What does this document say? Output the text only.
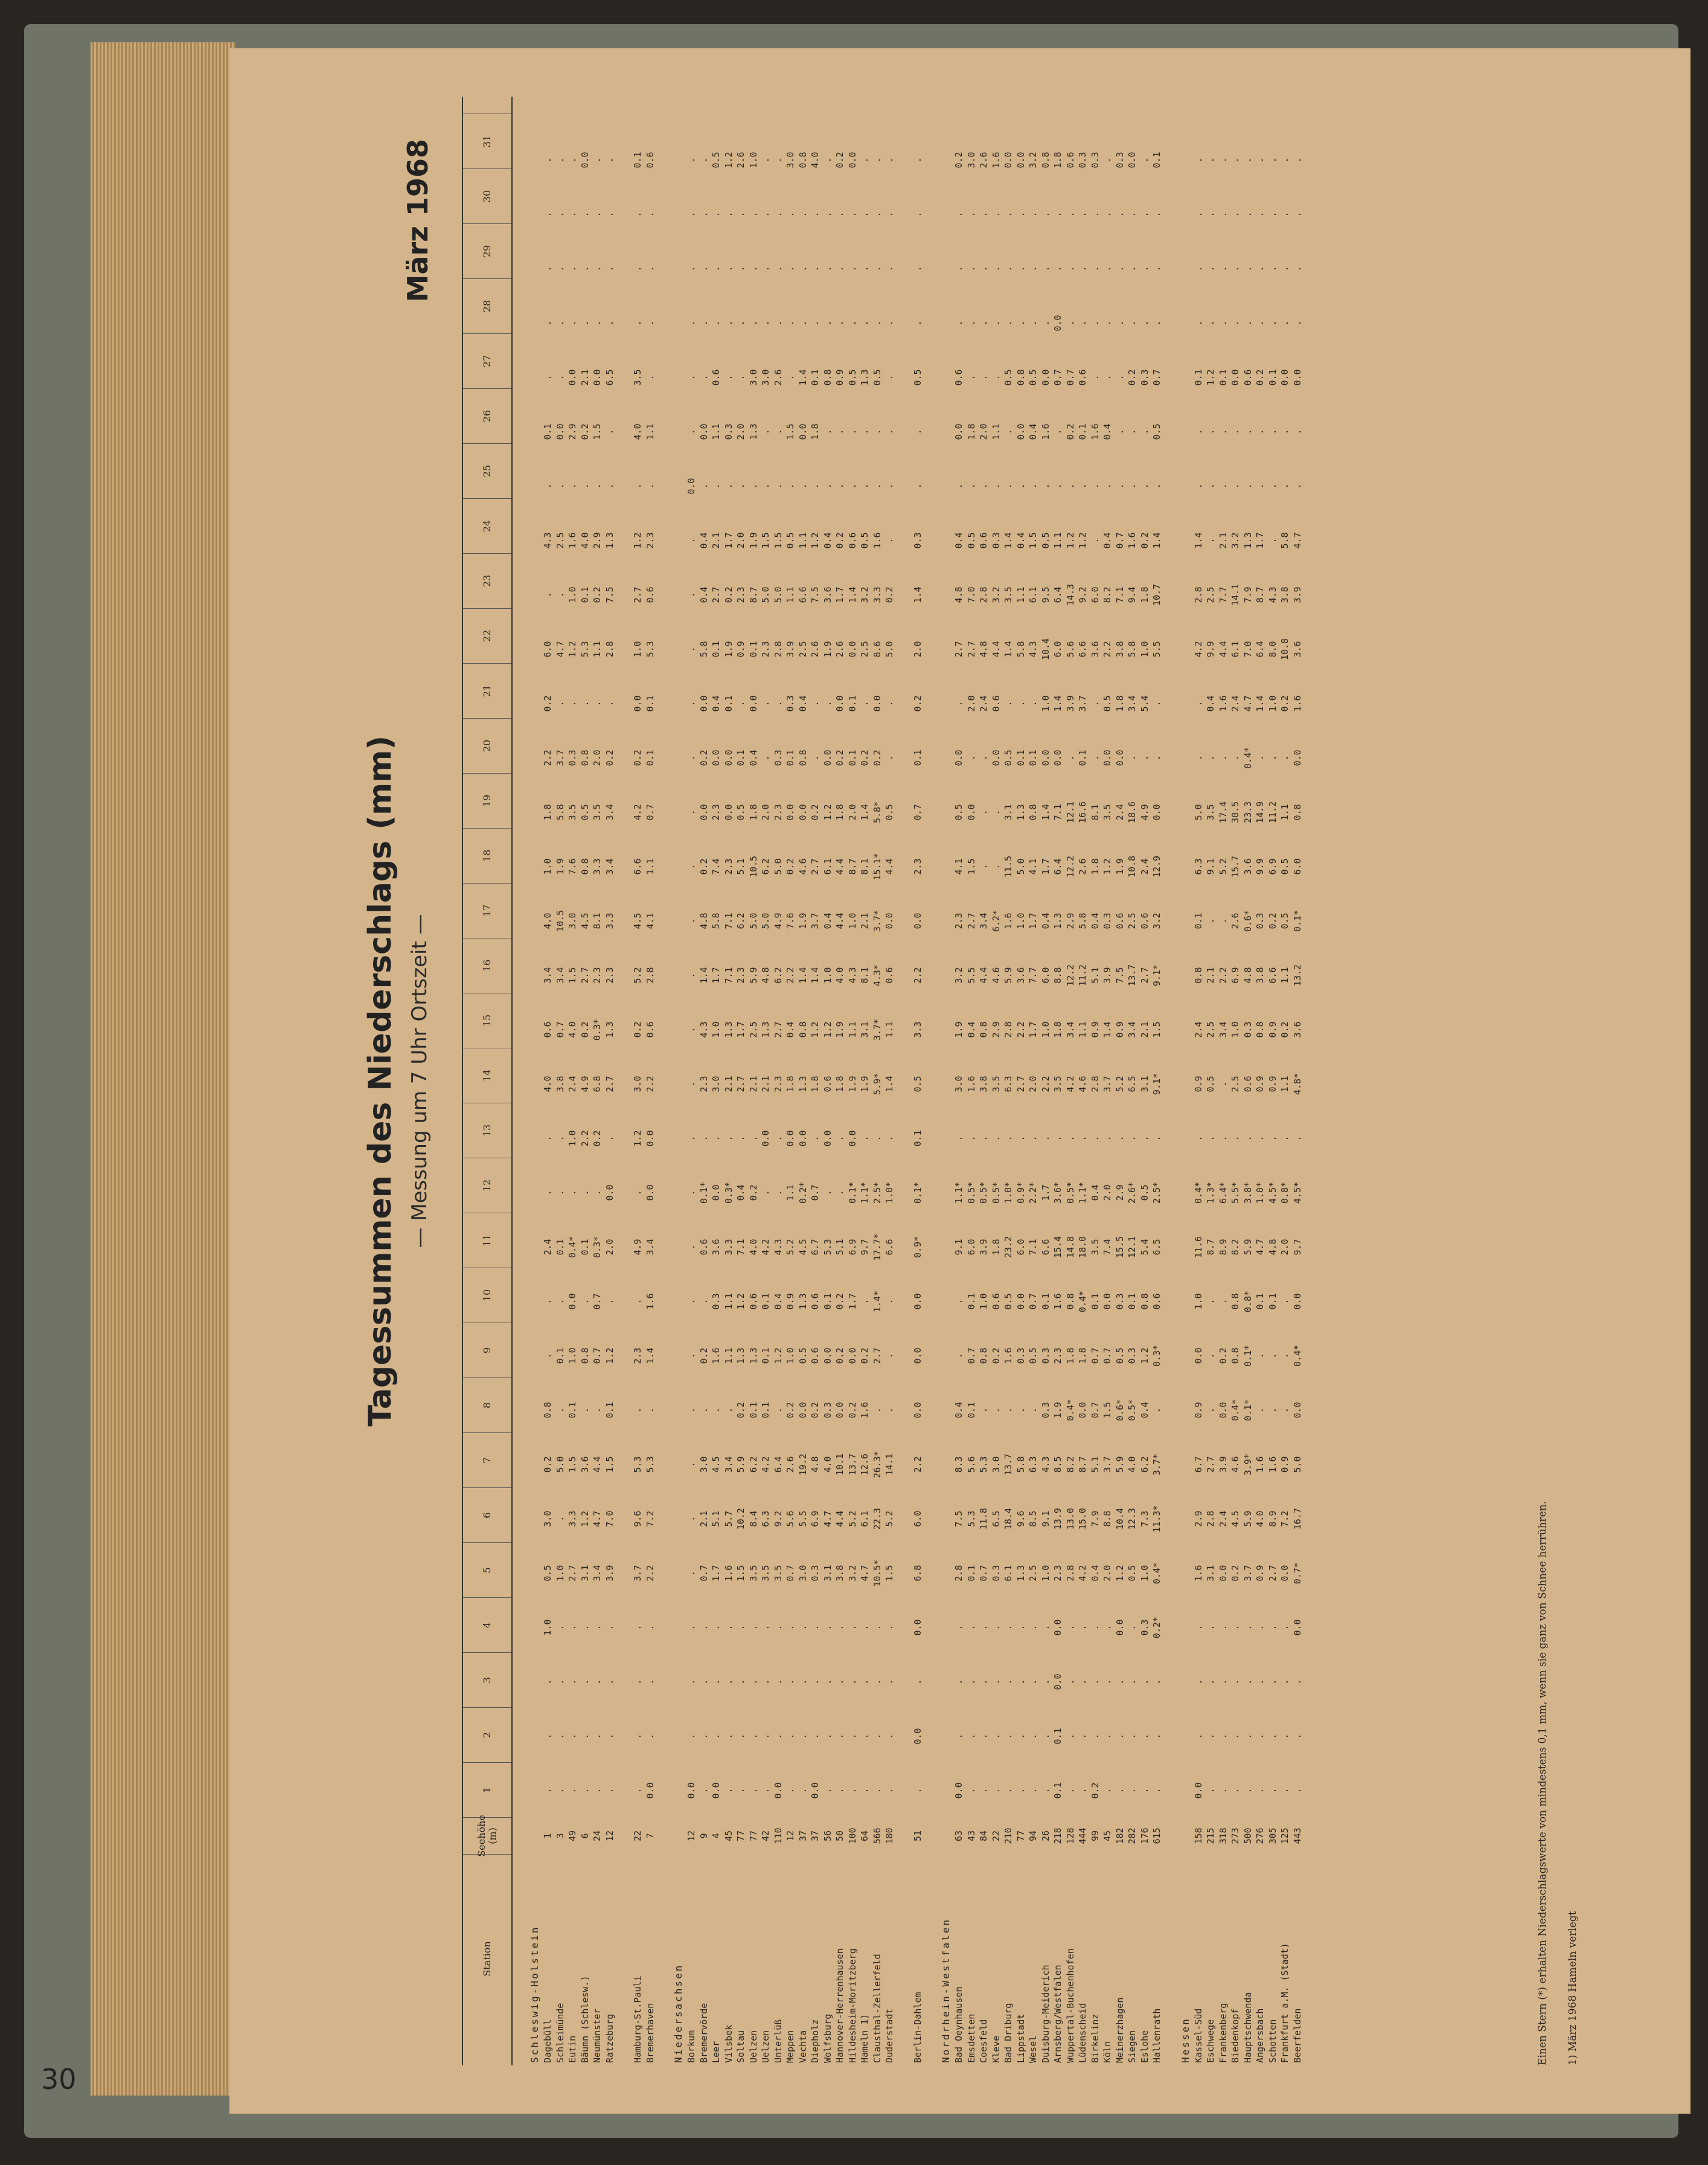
Tagessummen des Niederschlags (mm) — Messung um 7 Uhr Ortszeit —
März 1968
Station
Seehöhe (m)
1
2
3
4
5
6
7
8
9
10
11
12
13
14
15
16
17
18
19
20
21
22
23
24
25
26
27
28
29
30
31
Schleswig-Holstein Dagebüll
1
.
.
.
1.0
0.5
3.0
0.2
0.8
.
.
2.4
.
.
4.0
0.6
3.4
4.0
1.0
1.8
2.2
0.2
6.0
.
4.3
.
0.1
.
.
.
.
.
Schleimünde
3
.
.
.
.
1.0
.
5.0
.
0.1
.
0.1
.
.
3.8
0.7
3.4
10.5
1.9
5.8
3.7
.
4.7
.
2.5
.
0.0
.
.
.
.
.
Eutin
49
.
.
.
.
2.7
3.3
1.5
0.1
1.0
0.0
0.4*
.
1.0
2.4
4.0
1.5
3.0
7.6
3.5
0.3
.
1.2
1.0
1.6
.
2.9
0.0
.
.
.
.
Bäumn (Schlesw.)
6
.
.
.
.
3.1
1.2
3.6
.
0.8
.
0.1
.
2.2
4.9
0.2
2.7
4.5
0.8
0.5
0.8
.
5.3
0.1
4.0
.
0.2
2.1
.
.
.
0.0
Neumünster
24
.
.
.
.
3.4
4.7
4.4
.
0.7
0.7
0.3*
.
0.2
6.8
0.3*
2.3
8.1
3.3
3.5
2.0
.
1.1
0.2
2.9
.
1.5
0.0
.
.
.
.
Ratzeburg
12
.
.
.
.
3.9
7.0
1.5
0.1
1.2
.
2.0
0.0
.
2.7
1.3
2.3
3.3
3.4
3.4
0.2
.
2.8
7.5
1.3
.
.
6.5
.
.
.
.
Hamburg-St.Pauli
22
.
.
.
.
3.7
9.6
5.3
.
2.3
.
4.9
.
1.2
3.0
0.2
5.2
4.5
6.6
4.2
0.2
0.0
1.0
2.7
1.2
.
4.0
3.5
.
.
.
0.1
Bremerhaven
7
0.0
.
.
.
2.2
7.2
5.3
.
1.4
1.6
3.4
0.0
0.0
2.2
0.6
2.8
4.1
1.1
0.7
0.1
0.1
5.3
0.6
2.3
.
1.1
.
.
.
.
0.6
Niedersachsen Borkum
12
0.0
.
.
.
.
.
.
.
.
.
.
.
.
.
.
.
.
.
.
.
.
.
.
.
0.0
.
.
.
.
.
.
Bremervörde
9
.
.
.
.
0.7
2.1
3.0
.
0.2
.
0.6
0.1*
.
2.3
4.3
1.4
4.8
0.2
0.0
0.2
0.0
5.8
0.4
0.4
.
0.0
.
.
.
.
.
Leer
4
0.0
.
.
.
1.7
5.1
4.5
.
1.6
0.3
3.6
0.0
.
3.0
1.0
1.7
5.8
7.4
2.3
0.0
0.4
0.1
2.7
2.1
.
1.1
0.6
.
.
.
0.5
Vilsbek
45
.
.
.
.
1.6
5.7
3.4
.
1.1
1.1
3.3
0.3*
.
2.1
1.3
7.1
7.1
2.3
0.0
0.0
0.1
1.9
0.2
1.7
.
0.3
.
.
.
.
1.2
Soltau
77
.
.
.
.
1.5
10.2
5.9
0.2
1.3
1.2
7.1
0.4
.
2.7
1.7
2.3
6.2
5.1
0.5
0.1
.
0.9
2.3
2.0
.
2.0
.
.
.
.
2.6
Uelzen
77
.
.
.
.
3.5
8.4
6.2
0.1
1.3
0.6
4.0
0.2
.
2.1
2.5
5.9
5.0
10.5
1.8
0.4
0.0
0.1
8.7
1.9
.
1.3
3.0
.
.
.
1.0
Uelzen
42
.
.
.
.
3.5
6.3
4.2
0.1
0.1
0.1
4.2
.
0.0
2.1
1.3
4.8
5.0
6.2
2.0
.
.
2.3
5.0
1.5
.
.
3.0
.
.
.
.
Unterlüß
110
0.0
.
.
.
3.5
9.2
6.4
.
1.2
0.4
4.3
.
.
2.3
2.7
6.2
4.9
5.0
2.3
0.3
.
2.8
5.0
1.5
.
.
2.6
.
.
.
.
Meppen
12
.
.
.
.
0.7
5.6
2.6
0.2
1.0
0.9
5.2
1.1
0.0
1.8
0.4
2.2
7.6
0.2
0.0
0.1
0.3
3.9
1.1
0.5
.
1.5
.
.
.
.
3.0
Vechta
37
.
.
.
.
3.0
5.5
19.2
0.0
0.5
1.3
4.5
0.2*
0.0
1.3
0.8
1.4
1.9
4.6
0.0
0.8
0.4
2.5
6.6
1.1
.
0.0
1.4
.
.
.
0.8
Diepholz
37
0.0
.
.
.
0.3
6.9
4.8
0.2
0.6
0.6
6.7
0.7
.
1.8
1.2
1.4
3.7
2.7
0.2
.
.
2.6
7.5
1.2
.
1.8
0.1
.
.
.
4.0
Wolfsburg
56
.
.
.
.
3.1
4.7
4.0
0.3
0.0
0.1
5.3
.
0.0
0.6
1.2
1.0
0.4
6.1
1.2
0.0
.
1.9
3.6
0.4
.
.
0.8
.
.
.
.
Hannover-Herrenhausen
50
.
.
.
.
3.8
4.4
10.1
0.0
0.2
0.2
5.1
.
.
1.8
1.9
4.0
4.4
4.4
1.8
0.2
0.0
2.6
1.7
0.2
.
.
0.9
.
.
.
0.2
Hildesheim-Moritzberg
100
.
.
.
.
3.2
5.2
13.7
0.2
0.0
1.7
6.9
0.1*
0.0
1.9
1.1
4.3
1.0
8.7
2.0
0.1
0.1
0.0
1.4
0.6
.
.
0.5
.
.
.
0.0
Hameln 1)
64
.
.
.
.
4.7
6.1
12.6
1.6
0.2
.
9.7
1.1*
.
1.9
3.1
8.1
2.1
8.1
1.4
0.2
.
2.5
3.2
0.5
.
.
1.3
.
.
.
.
Clausthal-Zellerfeld
566
.
.
.
.
10.5*
22.3
26.3*
.
2.7
1.4*
17.7*
2.5*
.
5.9*
3.7*
4.3*
3.7*
15.1*
5.8*
0.2
0.0
8.6
3.3
1.6
.
.
0.5
.
.
.
.
Duderstadt
180
.
.
.
.
1.5
5.2
14.1
.
.
.
6.6
1.0*
.
1.4
1.1
0.6
0.0
4.4
0.5
.
.
5.0
0.2
.
.
.
.
.
.
.
.
Berlin-Dahlem
51
.
0.0
.
0.0
6.8
6.0
2.2
0.0
0.0
0.0
0.9*
0.1*
0.1
0.5
3.3
2.2
0.0
2.3
0.7
0.1
0.2
2.0
1.4
0.3
.
.
0.5
.
.
.
.
Nordrhein-Westfalen Bad Oeynhausen
63
0.0
.
.
.
2.8
7.5
8.3
0.4
.
.
9.1
1.1*
.
3.0
1.9
3.2
2.3
4.1
0.5
0.0
.
2.7
4.8
0.4
.
0.0
0.6
.
.
.
0.2
Emsdetten
43
.
.
.
.
0.1
5.3
5.6
0.1
0.7
0.1
6.0
0.5*
.
1.6
0.4
5.5
2.7
1.5
0.0
.
2.0
2.7
7.0
0.5
.
1.8
.
.
.
.
3.0
Coesfeld
84
.
.
.
.
0.7
11.8
5.3
.
0.8
1.0
3.9
0.5*
.
3.8
0.8
4.4
3.4
.
.
.
2.4
4.8
2.8
0.6
.
2.0
.
.
.
.
2.6
Kleve
22
.
.
.
.
0.3
6.5
3.0
.
0.2
0.6
1.8
0.5*
.
3.5
2.9
4.6
6.2*
.
.
0.0
0.6
4.4
3.2
0.3
.
1.1
.
.
.
.
1.6
Bad Driburg
210
.
.
.
.
6.1
18.4
13.7
.
1.6
0.5
23.2
1.0*
.
6.3
2.8
5.9
1.6
11.5
3.1
0.5
.
1.4
3.5
1.4
.
.
0.5
.
.
.
0.0
Lippstadt
77
.
.
.
.
1.3
9.6
5.8
.
0.3
0.0
6.0
0.9*
.
2.7
2.2
3.6
1.0
5.0
1.3
0.1
.
5.8
1.1
0.4
.
0.0
0.8
.
.
.
0.0
Wesel
94
.
.
.
.
2.5
8.5
6.3
.
0.5
0.7
7.1
2.2*
.
2.0
1.7
7.7
1.7
4.1
0.8
0.1
.
4.3
6.1
1.5
.
0.4
0.5
.
.
.
3.2
Duisburg-Meiderich
26
.
.
.
.
1.0
9.1
4.3
0.3
0.3
0.1
6.6
1.7
.
2.2
1.0
6.0
0.4
1.7
1.4
0.0
1.0
10.4
9.5
0.5
.
1.6
0.0
.
.
.
0.8
Arnsberg/Westfalen
218
0.1
0.1
0.0
0.0
2.3
13.9
8.5
1.9
2.3
1.6
15.4
3.6*
.
3.5
1.8
8.8
1.3
6.4
7.1
0.0
1.4
6.0
6.4
1.1
.
.
0.7
0.0
.
.
1.8
Wuppertal-Buchenhofen
128
.
.
.
.
2.8
13.0
8.2
0.4*
1.8
0.8
14.8
0.5*
.
4.2
3.4
12.2
2.9
12.2
12.1
.
3.9
5.6
14.3
1.2
.
0.2
0.7
.
.
.
0.6
Lüdenscheid
444
.
.
.
.
4.2
15.0
8.7
0.0
1.8
0.4*
18.0
1.1*
.
4.6
1.1
11.2
5.8
2.6
16.6
0.1
3.7
6.6
9.2
1.2
.
0.1
0.6
.
.
.
0.3
Birkelinz
99
0.2
.
.
.
0.4
7.9
5.1
0.7
0.7
0.1
3.5
0.4
.
2.8
0.9
5.1
0.4
1.8
8.1
.
.
3.6
6.0
.
.
1.6
.
.
.
.
0.3
Köln
45
.
.
.
.
2.0
8.8
3.7
1.5
0.7
0.0
7.4
2.0
.
3.7
1.4
3.9
0.3
1.2
3.5
0.0
0.5
2.2
8.2
0.4
.
0.4
.
.
.
.
.
Meinerzhagen
182
.
.
.
0.0
1.2
10.4
5.9
0.6*
0.5
0.3
15.5
2.9
.
5.2
0.9
7.5
0.6
1.9
2.4
0.0
1.8
3.8
7.1
0.7
.
.
.
.
.
.
0.3
Siegen
282
.
.
.
.
0.5
12.3
4.0
0.5*
0.3
0.1
12.1
2.6*
.
6.5
3.4
13.7
2.5
10.8
18.6
.
3.4
5.8
9.4
1.6
.
.
0.2
.
.
.
0.0
Eslohe
176
.
.
.
0.3
1.0
7.3
6.2
0.4
1.2
0.8
5.4
0.5
.
3.1
2.1
2.7
0.6
2.4
4.9
.
5.4
1.0
1.8
0.2
.
.
0.3
.
.
.
.
Hallenrath
615
.
.
.
0.2*
0.4*
11.3*
3.7*
.
0.3*
0.6
6.5
2.5*
.
9.1*
1.5
9.1*
3.2
12.9
0.0
.
.
5.5
10.7
1.4
.
0.5
0.7
.
.
.
0.1
Hessen Kassel-Süd
158
0.0
.
.
.
1.6
2.9
6.7
0.9
0.0
1.0
11.6
0.4*
.
0.9
2.4
0.8
0.1
6.3
5.0
.
.
4.2
2.8
1.4
.
.
0.1
.
.
.
.
Eschwege
215
.
.
.
.
3.1
2.8
2.7
.
.
.
8.7
1.3*
.
0.5
2.5
2.1
.
9.1
3.5
.
0.4
9.9
2.5
.
.
.
1.2
.
.
.
.
Frankenberg
318
.
.
.
.
0.0
2.4
3.9
0.0
0.2
.
8.9
6.4*
.
.
3.4
2.2
.
5.2
17.4
.
1.6
4.4
7.7
2.1
.
.
0.1
.
.
.
.
Biedenkopf
273
.
.
.
.
0.2
4.5
4.6
0.4*
0.8
0.8
8.2
5.5*
.
2.5
1.0
6.9
2.6
15.7
30.5
.
2.4
6.1
14.1
3.2
.
.
0.0
.
.
.
.
Hauptschwenda
500
.
.
.
.
3.7
5.9
3.9*
0.1*
0.1*
0.8*
5.9
3.8*
.
0.6
0.3
4.8
0.6*
3.6
23.3
0.4*
4.7
7.0
7.9
1.3
.
.
0.6
.
.
.
.
Angersbach
276
.
.
.
.
0.9
4.0
1.6
.
.
0.1
4.7
1.0*
.
0.9
0.8
3.8
0.3
9.9
14.9
.
1.4
6.4
8.7
1.7
.
.
0.2
.
.
.
.
Schotten
305
.
.
.
.
2.7
8.9
1.6
.
.
0.1
4.8
4.5*
.
0.9
0.9
6.6
0.2
6.9
11.2
.
1.0
8.0
4.3
.
.
.
0.1
.
.
.
.
Frankfurt a.M. (Stadt)
125
.
.
.
.
0.0
7.2
0.9
.
.
.
2.0
0.8*
.
1.1
0.2
1.1
0.5
0.5
1.1
.
0.2
10.8
3.8
5.8
.
.
0.0
.
.
.
.
Beerfelden
443
.
.
.
0.0
0.7*
16.7
5.0
0.0
0.4*
0.0
9.7
4.5*
.
4.8*
3.6
13.2
0.1*
6.0
0.8
0.0
1.6
3.6
3.9
4.7
.
.
0.0
.
.
.
.
Einen Stern (*) erhalten Niederschlagswerte von mindestens 0,1 mm, wenn sie ganz von Schnee herrühren. 1) März 1968 Hameln verlegt
30
